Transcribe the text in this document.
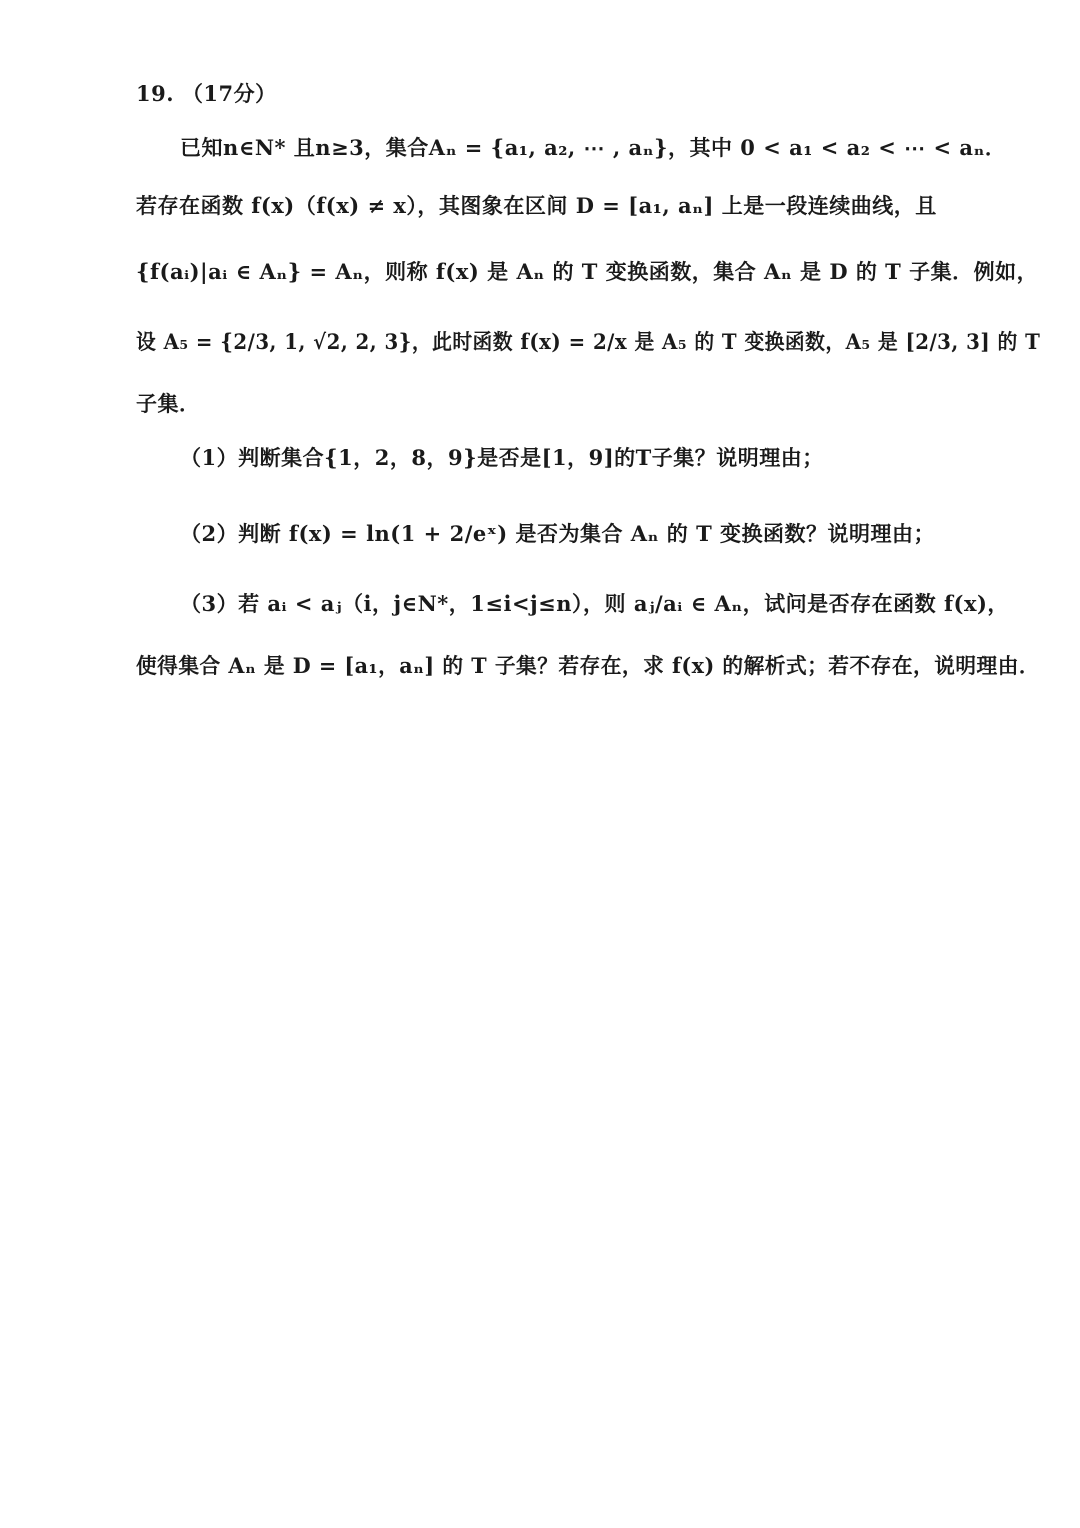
19. （17分）
已知n∈N* 且n≥3，集合Aₙ = {a₁, a₂, ⋯ , aₙ}，其中 0 < a₁ < a₂ < ⋯ < aₙ．
若存在函数 f(x)（f(x) ≠ x），其图象在区间 D = [a₁, aₙ] 上是一段连续曲线，且
{f(aᵢ)|aᵢ ∈ Aₙ} = Aₙ，则称 f(x) 是 Aₙ 的 T 变换函数，集合 Aₙ 是 D 的 T 子集．例如，
设 A₅ = {2/3, 1, √2, 2, 3}，此时函数 f(x) = 2/x 是 A₅ 的 T 变换函数，A₅ 是 [2/3, 3] 的 T
子集．
（1）判断集合{1，2，8，9}是否是[1，9]的T子集？说明理由；
（2）判断 f(x) = ln(1 + 2/eˣ) 是否为集合 Aₙ 的 T 变换函数？说明理由；
（3）若 aᵢ < aⱼ（i，j∈N*，1≤i<j≤n），则 aⱼ/aᵢ ∈ Aₙ，试问是否存在函数 f(x)，
使得集合 Aₙ 是 D = [a₁，aₙ] 的 T 子集？若存在，求 f(x) 的解析式；若不存在，说明理由．
